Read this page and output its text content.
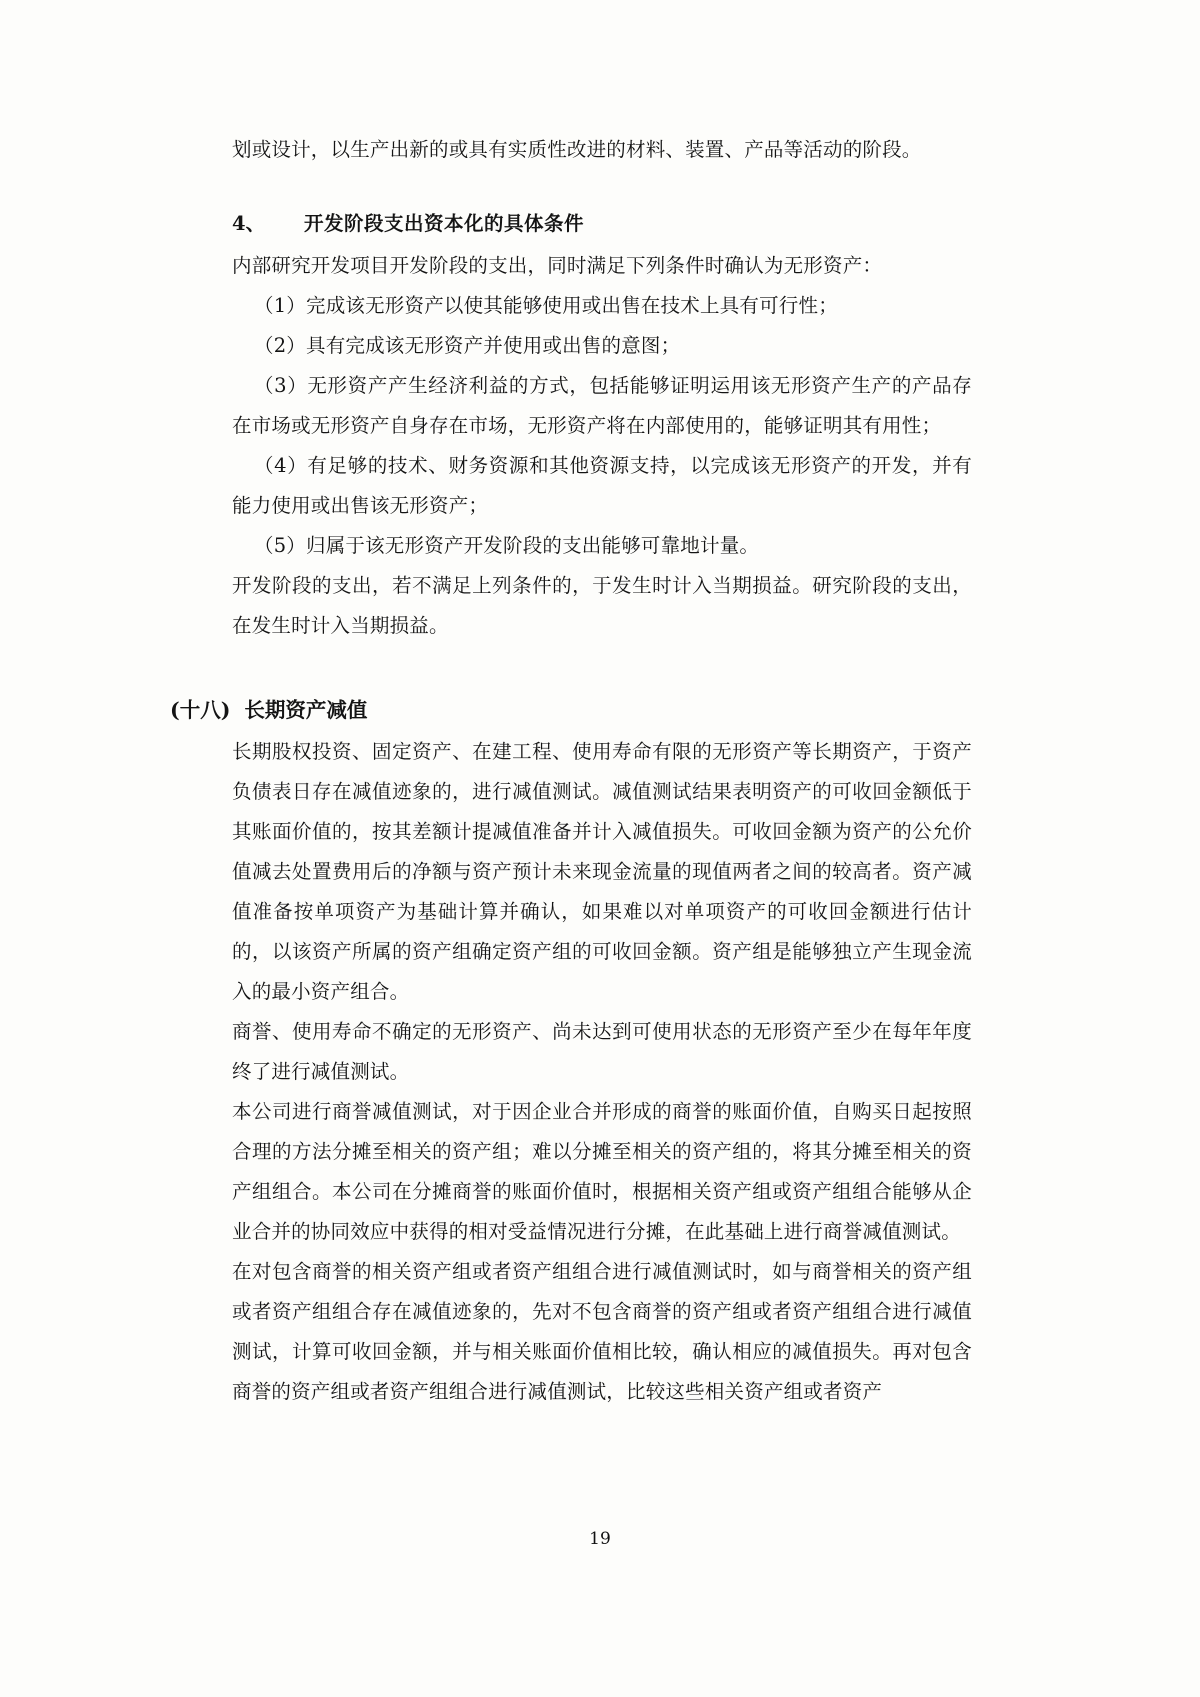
划或设计，以生产出新的或具有实质性改进的材料、装置、产品等活动的阶段。

4、	开发阶段支出资本化的具体条件

内部研究开发项目开发阶段的支出，同时满足下列条件时确认为无形资产：

（1）完成该无形资产以使其能够使用或出售在技术上具有可行性；

（2）具有完成该无形资产并使用或出售的意图；

（3）无形资产产生经济利益的方式，包括能够证明运用该无形资产生产的产品存在市场或无形资产自身存在市场，无形资产将在内部使用的，能够证明其有用性；

（4）有足够的技术、财务资源和其他资源支持，以完成该无形资产的开发，并有能力使用或出售该无形资产；

（5）归属于该无形资产开发阶段的支出能够可靠地计量。

开发阶段的支出，若不满足上列条件的，于发生时计入当期损益。研究阶段的支出，在发生时计入当期损益。

(十八) 长期资产减值

长期股权投资、固定资产、在建工程、使用寿命有限的无形资产等长期资产，于资产负债表日存在减值迹象的，进行减值测试。减值测试结果表明资产的可收回金额低于其账面价值的，按其差额计提减值准备并计入减值损失。可收回金额为资产的公允价值减去处置费用后的净额与资产预计未来现金流量的现值两者之间的较高者。资产减值准备按单项资产为基础计算并确认，如果难以对单项资产的可收回金额进行估计的，以该资产所属的资产组确定资产组的可收回金额。资产组是能够独立产生现金流入的最小资产组合。

商誉、使用寿命不确定的无形资产、尚未达到可使用状态的无形资产至少在每年年度终了进行减值测试。

本公司进行商誉减值测试，对于因企业合并形成的商誉的账面价值，自购买日起按照合理的方法分摊至相关的资产组；难以分摊至相关的资产组的，将其分摊至相关的资产组组合。本公司在分摊商誉的账面价值时，根据相关资产组或资产组组合能够从企业合并的协同效应中获得的相对受益情况进行分摊，在此基础上进行商誉减值测试。

在对包含商誉的相关资产组或者资产组组合进行减值测试时，如与商誉相关的资产组或者资产组组合存在减值迹象的，先对不包含商誉的资产组或者资产组组合进行减值测试，计算可收回金额，并与相关账面价值相比较，确认相应的减值损失。再对包含商誉的资产组或者资产组组合进行减值测试，比较这些相关资产组或者资产

19
